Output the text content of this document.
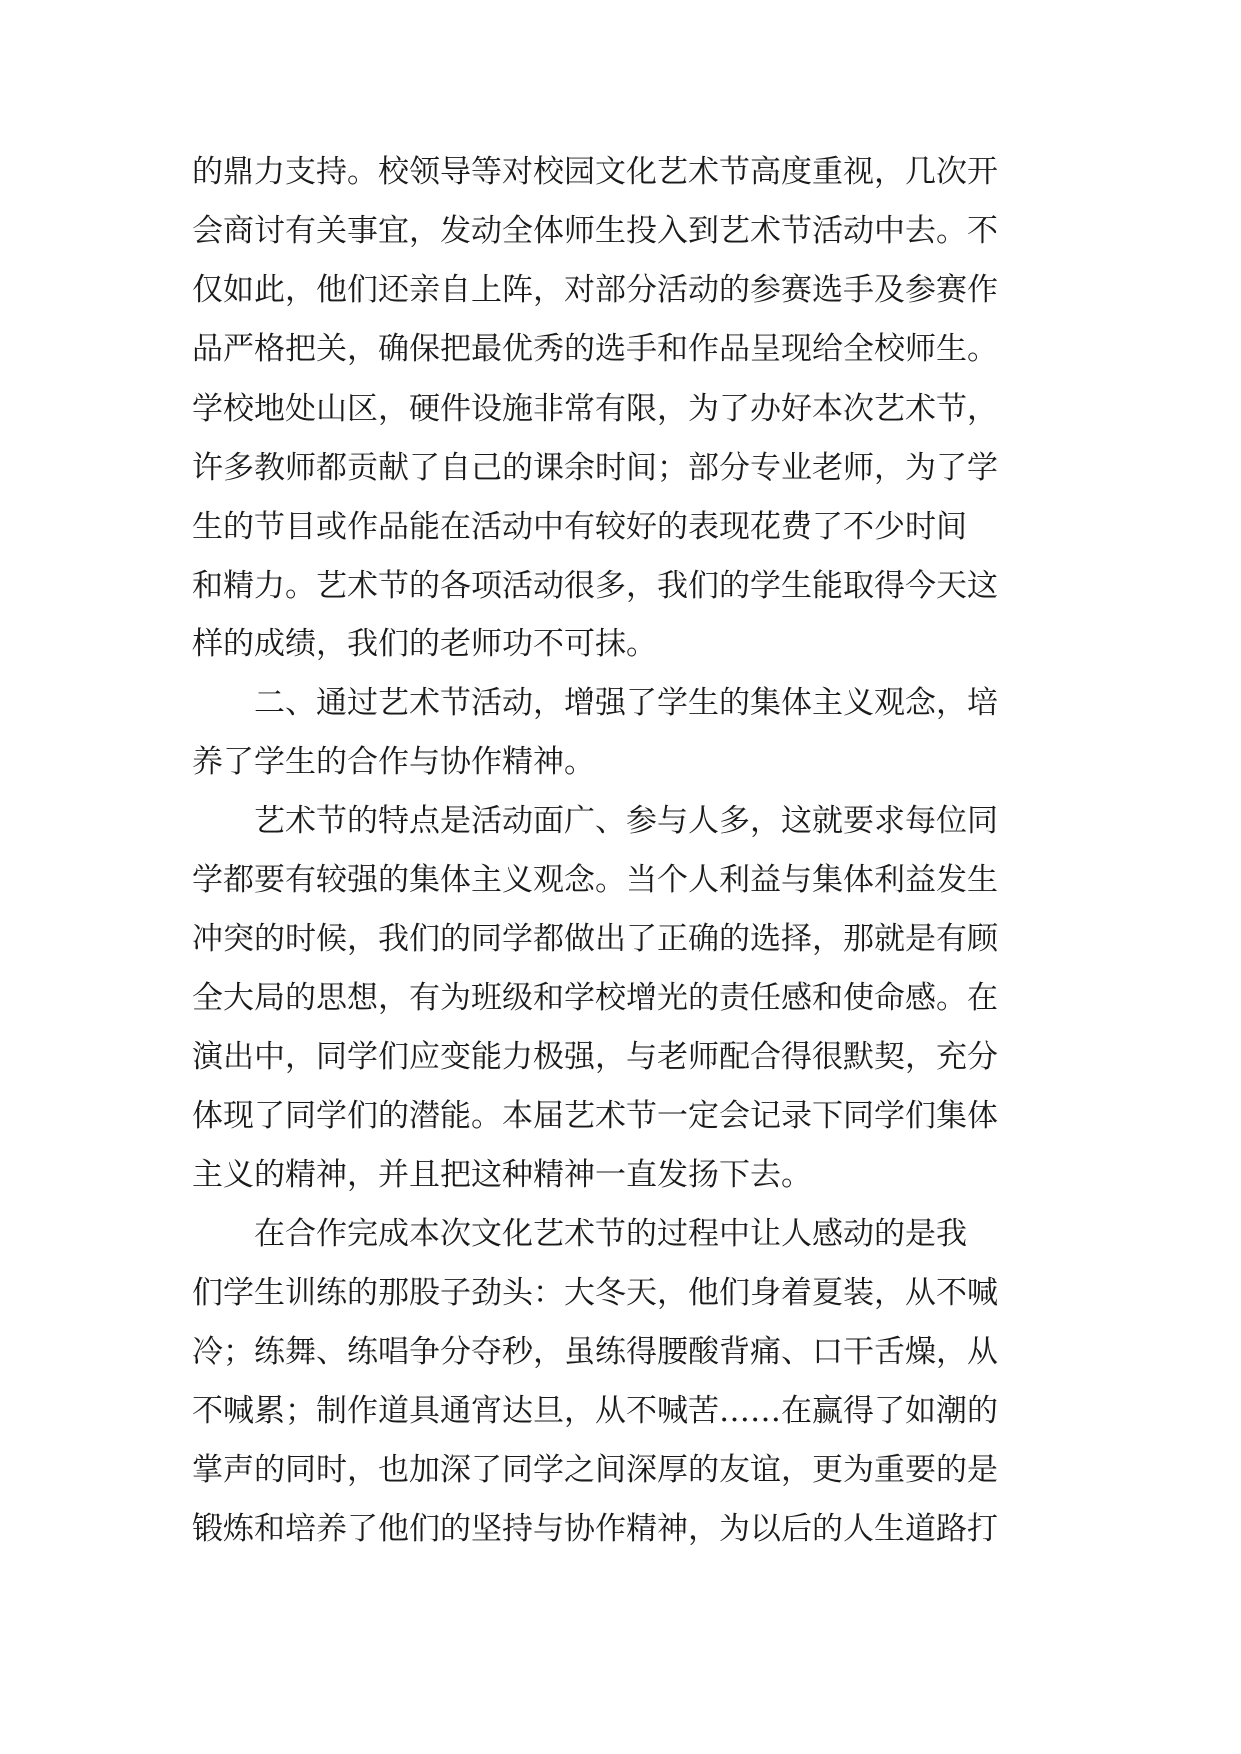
的鼎力支持。校领导等对校园文化艺术节高度重视，几次开
会商讨有关事宜，发动全体师生投入到艺术节活动中去。不
仅如此，他们还亲自上阵，对部分活动的参赛选手及参赛作
品严格把关，确保把最优秀的选手和作品呈现给全校师生。
学校地处山区，硬件设施非常有限，为了办好本次艺术节，
许多教师都贡献了自己的课余时间；部分专业老师，为了学
生的节目或作品能在活动中有较好的表现花费了不少时间
和精力。艺术节的各项活动很多，我们的学生能取得今天这
样的成绩，我们的老师功不可抹。
　　二、通过艺术节活动，增强了学生的集体主义观念，培
养了学生的合作与协作精神。
　　艺术节的特点是活动面广、参与人多，这就要求每位同
学都要有较强的集体主义观念。当个人利益与集体利益发生
冲突的时候，我们的同学都做出了正确的选择，那就是有顾
全大局的思想，有为班级和学校增光的责任感和使命感。在
演出中，同学们应变能力极强，与老师配合得很默契，充分
体现了同学们的潜能。本届艺术节一定会记录下同学们集体
主义的精神，并且把这种精神一直发扬下去。
　　在合作完成本次文化艺术节的过程中让人感动的是我
们学生训练的那股子劲头：大冬天，他们身着夏装，从不喊
冷；练舞、练唱争分夺秒，虽练得腰酸背痛、口干舌燥，从
不喊累；制作道具通宵达旦，从不喊苦……在赢得了如潮的
掌声的同时，也加深了同学之间深厚的友谊，更为重要的是
锻炼和培养了他们的坚持与协作精神，为以后的人生道路打
